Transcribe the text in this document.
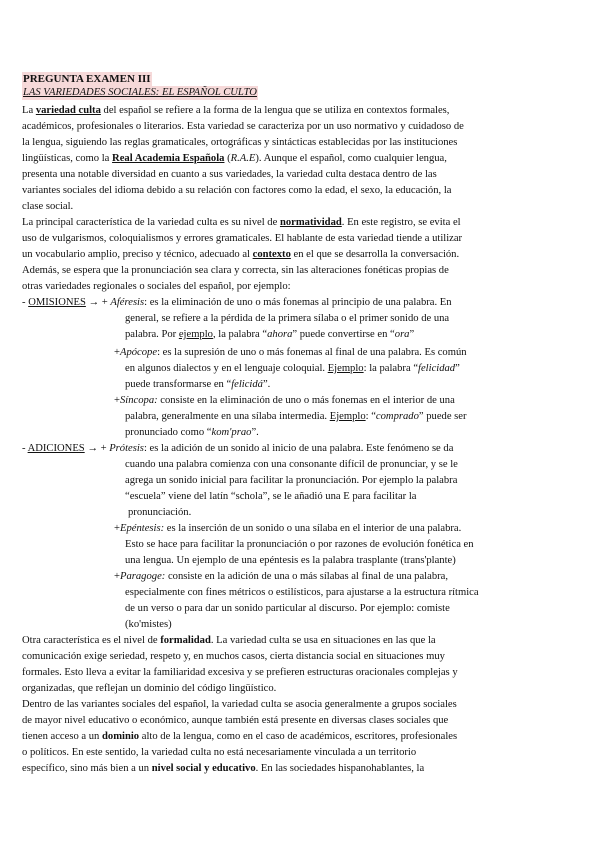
PREGUNTA EXAMEN III
LAS VARIEDADES SOCIALES: EL ESPAÑOL CULTO
La variedad culta del español se refiere a la forma de la lengua que se utiliza en contextos formales,
académicos, profesionales o literarios. Esta variedad se caracteriza por un uso normativo y cuidadoso de
la lengua, siguiendo las reglas gramaticales, ortográficas y sintácticas establecidas por las instituciones
lingüísticas, como la Real Academia Española (R.A.E). Aunque el español, como cualquier lengua,
presenta una notable diversidad en cuanto a sus variedades, la variedad culta destaca dentro de las
variantes sociales del idioma debido a su relación con factores como la edad, el sexo, la educación, la
clase social.
La principal característica de la variedad culta es su nivel de normatividad. En este registro, se evita el
uso de vulgarismos, coloquialismos y errores gramaticales. El hablante de esta variedad tiende a utilizar
un vocabulario amplio, preciso y técnico, adecuado al contexto en el que se desarrolla la conversación.
Además, se espera que la pronunciación sea clara y correcta, sin las alteraciones fonéticas propias de
otras variedades regionales o sociales del español, por ejemplo:
- OMISIONES → + Aféresis: es la eliminación de uno o más fonemas al principio de una palabra. En
general, se refiere a la pérdida de la primera sílaba o el primer sonido de una
palabra. Por ejemplo, la palabra “ahora” puede convertirse en “ora”
+Apócope: es la supresión de uno o más fonemas al final de una palabra. Es común
en algunos dialectos y en el lenguaje coloquial. Ejemplo: la palabra “felicidad”
puede transformarse en “felicidá”.
+Síncopa: consiste en la eliminación de uno o más fonemas en el interior de una
palabra, generalmente en una sílaba intermedia. Ejemplo: “comprado” puede ser
pronunciado como “kom'prao”.
- ADICIONES → + Prótesis: es la adición de un sonido al inicio de una palabra. Este fenómeno se da
cuando una palabra comienza con una consonante difícil de pronunciar, y se le
agrega un sonido inicial para facilitar la pronunciación. Por ejemplo la palabra
“escuela” viene del latín “schola”, se le añadió una E para facilitar la
pronunciación.
+Epéntesis: es la inserción de un sonido o una sílaba en el interior de una palabra.
Esto se hace para facilitar la pronunciación o por razones de evolución fonética en
una lengua. Un ejemplo de una epéntesis es la palabra trasplante (trans'plante)
+Paragoge: consiste en la adición de una o más sílabas al final de una palabra,
especialmente con fines métricos o estilísticos, para ajustarse a la estructura rítmica
de un verso o para dar un sonido particular al discurso. Por ejemplo: comiste
(ko'mistes)
Otra característica es el nivel de formalidad. La variedad culta se usa en situaciones en las que la
comunicación exige seriedad, respeto y, en muchos casos, cierta distancia social en situaciones muy
formales. Esto lleva a evitar la familiaridad excesiva y se prefieren estructuras oracionales complejas y
organizadas, que reflejan un dominio del código lingüístico.
Dentro de las variantes sociales del español, la variedad culta se asocia generalmente a grupos sociales
de mayor nivel educativo o económico, aunque también está presente en diversas clases sociales que
tienen acceso a un dominio alto de la lengua, como en el caso de académicos, escritores, profesionales
o políticos. En este sentido, la variedad culta no está necesariamente vinculada a un territorio
específico, sino más bien a un nivel social y educativo. En las sociedades hispanohablantes, la
